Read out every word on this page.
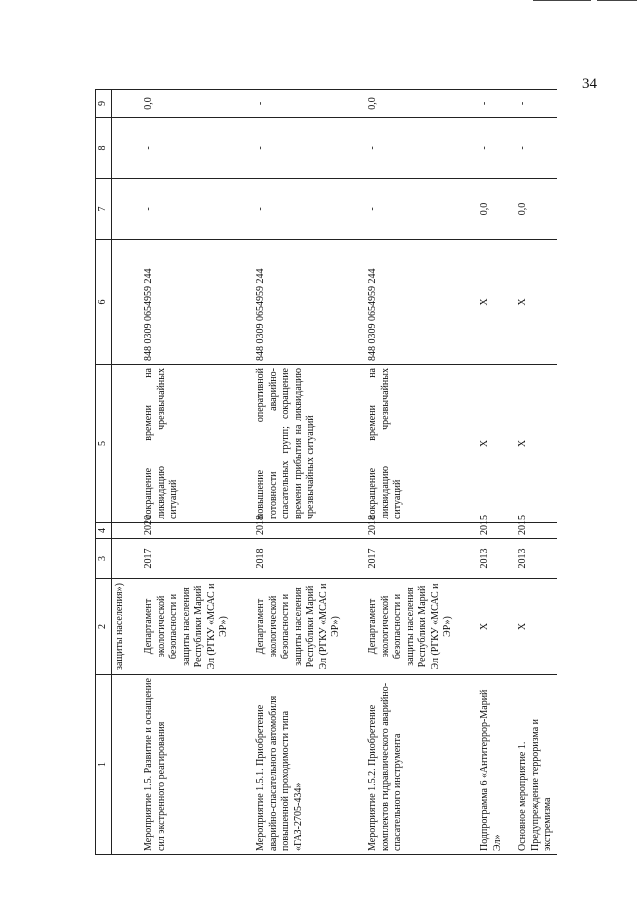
34
1	2	3	4	5	6	7	8	9
	защиты населения»)							
Мероприятие 1.5. Развитие и оснащение сил экстренного реагирования	Департамент экологической безопасности и защиты населения Республики Марий Эл (РГКУ «МСАС и ЭР»)	2017	2020	сокращение времени на ликвидацию чрезвычайных ситуаций	848 0309 0654959 244	-	-	0,0
Мероприятие 1.5.1. Приобретение аварийно-спасательного автомобиля повышенной проходимости типа «ГАЗ-2705-434»	Департамент экологической безопасности и защиты населения Республики Марий Эл (РГКУ «МСАС и ЭР»)	2018	2018	повышение оперативной готовности аварийно-спасательных групп; сокращение времени прибытия на ликвидацию чрезвычайных ситуаций	848 0309 0654959 244	-	-	-
Мероприятие 1.5.2. Приобретение комплектов гидравлического аварийно-спасательного инструмента	Департамент экологической безопасности и защиты населения Республики Марий Эл (РГКУ «МСАС и ЭР»)	2017	2018	сокращение времени на ликвидацию чрезвычайных ситуаций	848 0309 0654959 244	-	-	0,0
Подпрограмма 6 «Антитеррор-Марий Эл»	X	2013	2015	X	X	0,0	-	-
Основное мероприятие 1. Предупреждение терроризма и экстремизма	X	2013	2015	X	X	0,0	-	-
